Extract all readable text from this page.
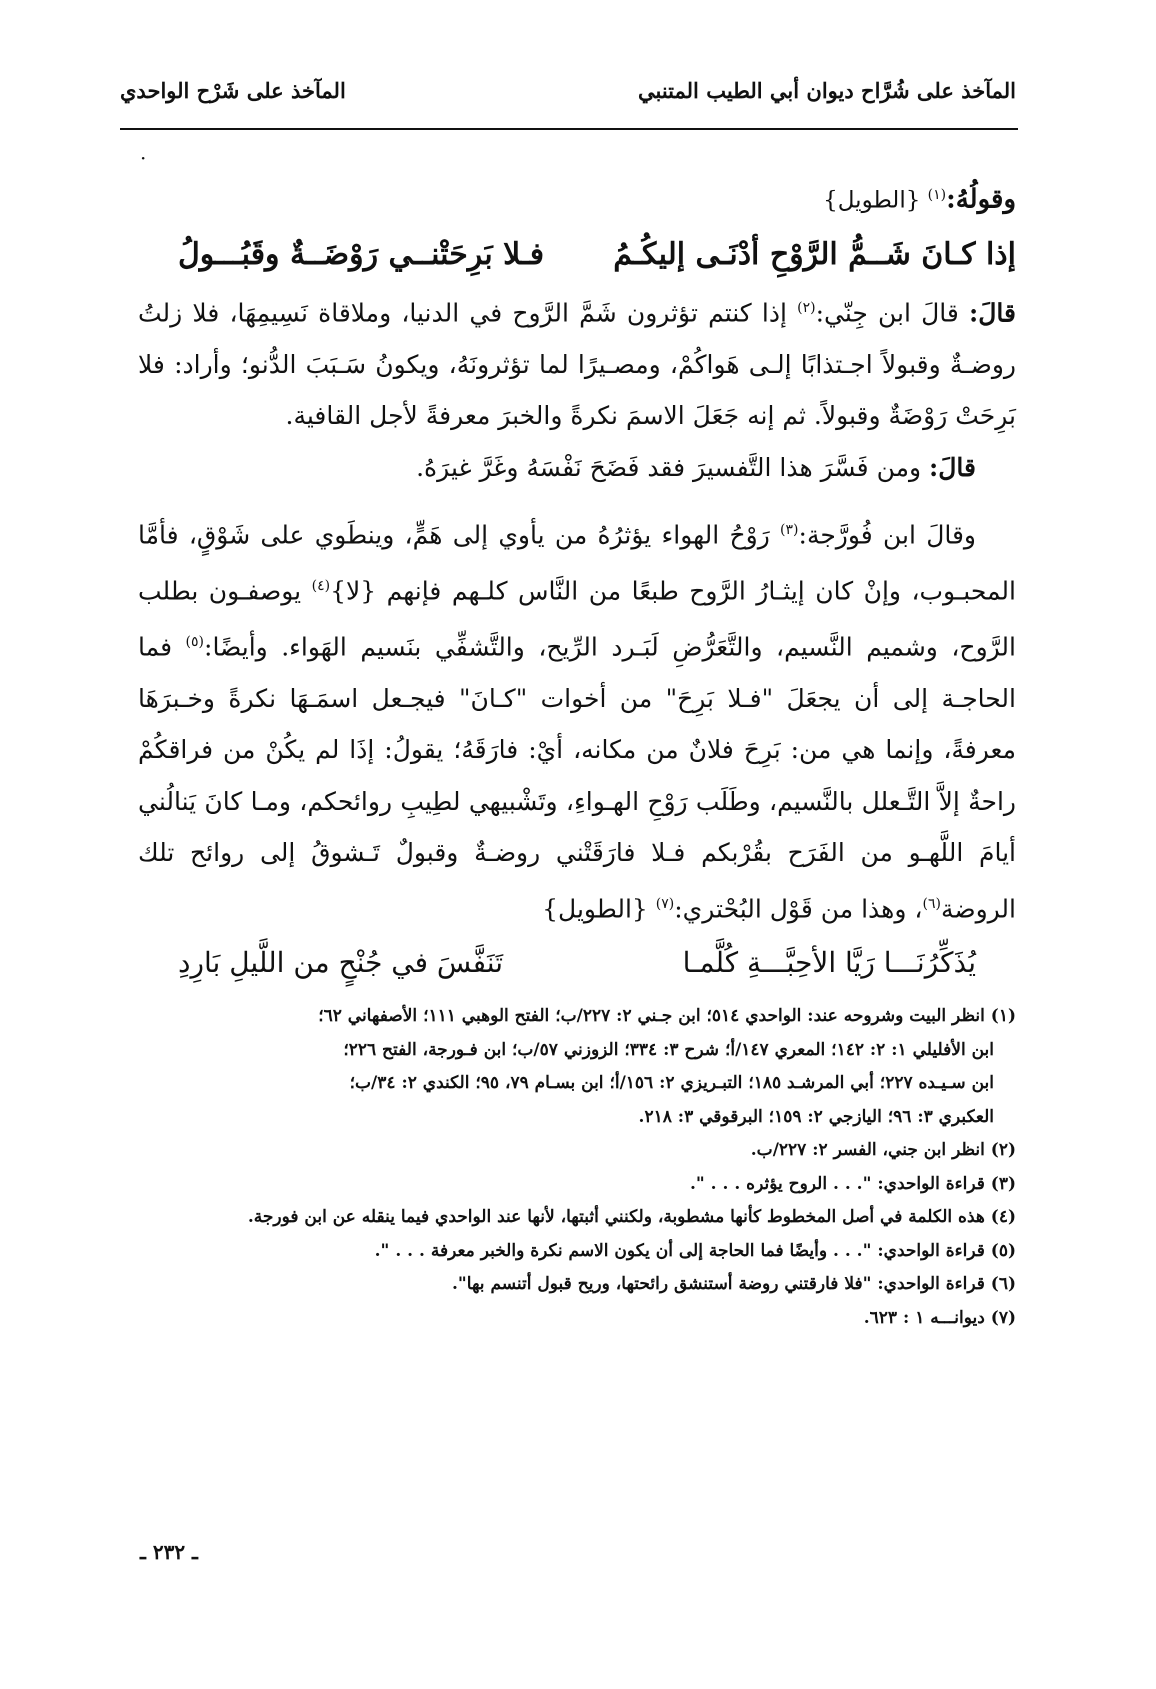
المآخذ على شُرَّاح ديوان أبي الطيب المتنبي
المآخذ على شَرْح الواحدي
·

وقولُهُ:$^{(١)}$ {الطويل}

إذا كـانَ شَــمُّ الرَّوْحِ أدْنَـى إليكُـمُ
فـلا بَرِحَتْنــي رَوْضَــةٌ وقَبُـــولُ

قالَ: قالَ ابن جِنّي:$^{(٢)}$ إذا كنتم تؤثرون شَمَّ الرَّوح في الدنيا، وملاقاة نَسِيمِهَا، فلا زلتُ روضـةٌ وقبولاً اجـتذابًا إلـى هَواكُمْ، ومصـيرًا لما تؤثرونَهُ، ويكونُ سَـبَبَ الدُّنو؛ وأراد: فلا بَرِحَتْ رَوْضَةٌ وقبولاً. ثم إنه جَعَلَ الاسمَ نكرةً والخبرَ معرفةً لأجل القافية.

قالَ: ومن فَسَّرَ هذا التَّفسيرَ فقد فَضَحَ نَفْسَهُ وغَرَّ غيرَهُ.

وقالَ ابن فُورَّجة:$^{(٣)}$ رَوْحُ الهواء يؤثرُهُ من يأوي إلى هَمٍّ، وينطَوي على شَوْقٍ، فأمَّا المحبـوب، وإنْ كان إيثـارُ الرَّوح طبعًا من النَّاس كلـهم فإنهم {لا}$^{(٤)}$ يوصفـون بطلب الرَّوح، وشميم النَّسيم، والتَّعَرُّضِ لَبَـرد الرِّيح، والتَّشفِّي بنَسيم الهَواء. وأيضًا:$^{(٥)}$ فما الحاجـة إلى أن يجعَلَ "فـلا بَرِحَ" من أخوات "كـانَ" فيجـعل اسمَـهَا نكرةً وخـبرَهَا معرفةً، وإنما هي من: بَرِحَ فلانٌ من مكانه، أيْ: فارَقَهُ؛ يقولُ: إذَا لم يكُنْ من فراقكُمْ راحةٌ إلاَّ التَّـعلل بالنَّسيم، وطَلَب رَوْحِ الهـواءِ، وتَشْبيهي لطِيبِ روائحكم، ومـا كانَ يَنالُني أيامَ اللَّهـو من الفَرَح بقُرْبكم فـلا فارَقَتْني روضـةٌ وقبولٌ تَـشوقُ إلى روائح تلك الروضة$^{(٦)}$، وهذا من قَوْل البُحْتري:$^{(٧)}$ {الطويل}

يُذَكِّرُنَـــا رَيَّا الأحِبَّـــةِ كُلَّمـا
تَنَفَّسَ في جُنْحٍ من اللَّيلِ بَارِدِ

(١) انظر البيت وشروحه عند: الواحدي ٥١٤؛ ابن جـني ٢: ٢٢٧/ب؛ الفتح الوهبي ١١١؛ الأصفهاني ٦٢؛

ابن الأفليلي ١: ٢: ١٤٢؛ المعري ١٤٧/أ؛ شرح ٣: ٣٣٤؛ الزوزني ٥٧/ب؛ ابن فـورجة، الفتح ٢٢٦؛

ابن سـيـده ٢٢٧؛ أبي المرشـد ١٨٥؛ التبـريزي ٢: ١٥٦/أ؛ ابن بسـام ٧٩، ٩٥؛ الكندي ٢: ٣٤/ب؛

العكبري ٣: ٩٦؛ اليازجي ٢: ١٥٩؛ البرقوقي ٣: ٢١٨.

(٢) انظر ابن جني، الفسر ٢: ٢٢٧/ب.

(٣) قراءة الواحدي: ". . . الروح يؤثره . . . ".

(٤) هذه الكلمة في أصل المخطوط كأنها مشطوبة، ولكنني أثبتها، لأنها عند الواحدي فيما ينقله عن ابن فورجة.

(٥) قراءة الواحدي: ". . . وأيضًا فما الحاجة إلى أن يكون الاسم نكرة والخبر معرفة . . . ".

(٦) قراءة الواحدي: "فلا فارقتني روضة أستنشق رائحتها، وريح قبول أتنسم بها".

(٧) ديوانـــه ١ : ٦٢٣.

ـ ٢٣٢ ـ
